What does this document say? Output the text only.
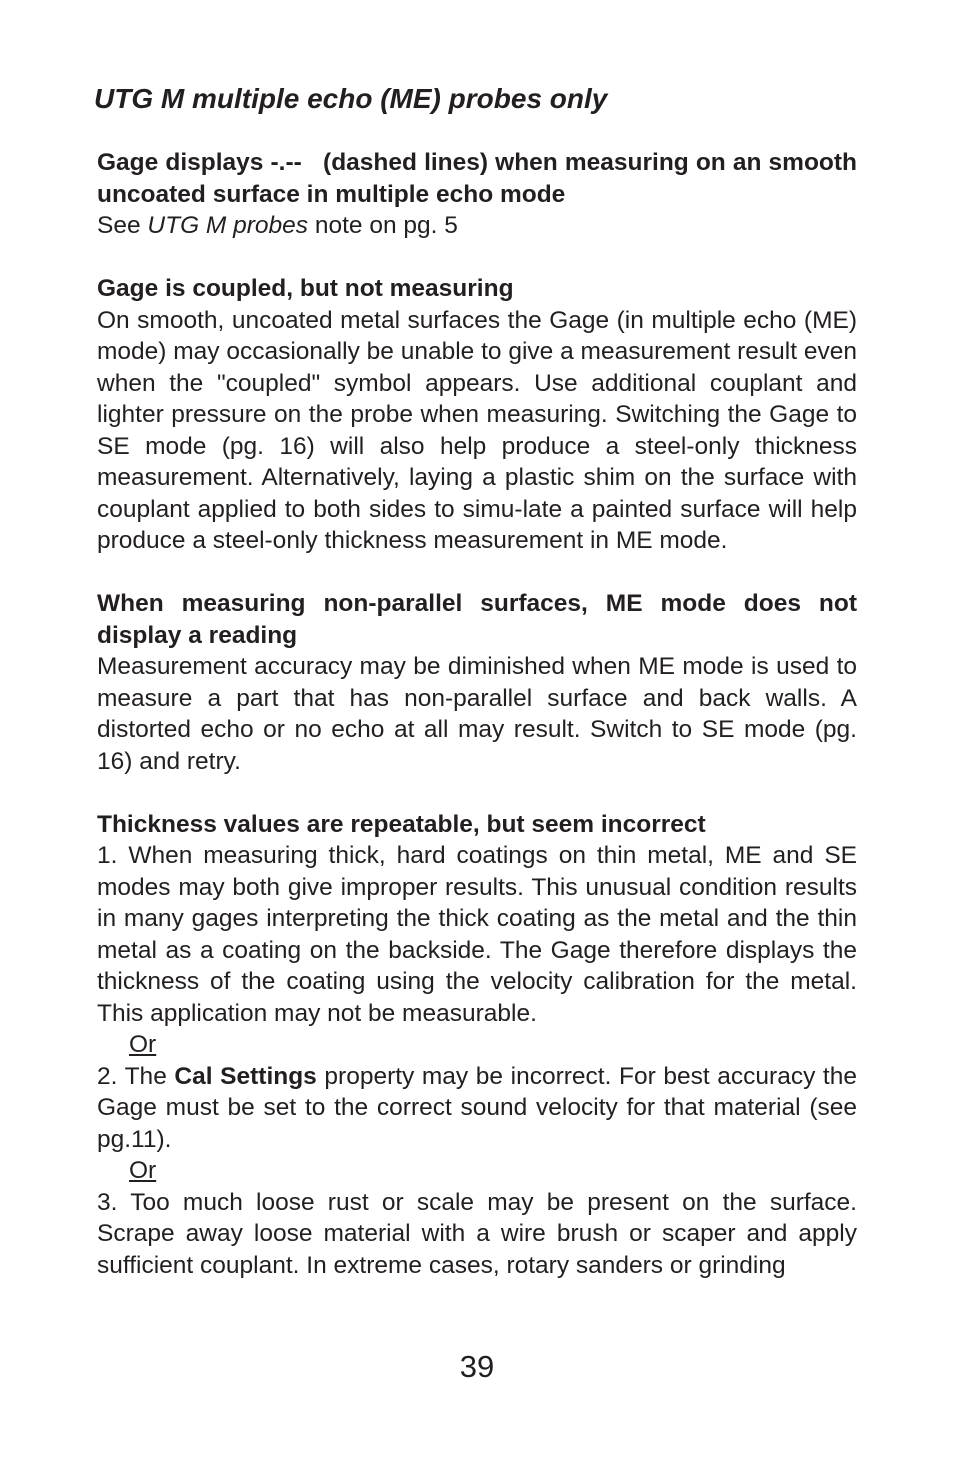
UTG M multiple echo (ME) probes only

Gage displays -.-- (dashed lines) when measuring on an smooth uncoated surface in multiple echo mode

See UTG M probes note on pg. 5

Gage is coupled, but not measuring

On smooth, uncoated metal surfaces the Gage (in multiple echo (ME) mode) may occasionally be unable to give a measurement result even when the "coupled" symbol appears. Use additional couplant and lighter pressure on the probe when measuring. Switching the Gage to SE mode (pg. 16) will also help produce a steel-only thickness measurement. Alternatively, laying a plastic shim on the surface with couplant applied to both sides to simu-late a painted surface will help produce a steel-only thickness measurement in ME mode.

When measuring non-parallel surfaces, ME mode does not display a reading

Measurement accuracy may be diminished when ME mode is used to measure a part that has non-parallel surface and back walls. A distorted echo or no echo at all may result. Switch to SE mode (pg. 16) and retry.

Thickness values are repeatable, but seem incorrect

1. When measuring thick, hard coatings on thin metal, ME and SE modes may both give improper results. This unusual condition results in many gages interpreting the thick coating as the metal and the thin metal as a coating on the backside. The Gage therefore displays the thickness of the coating using the velocity calibration for the metal. This application may not be measurable.

Or

2. The Cal Settings property may be incorrect. For best accuracy the Gage must be set to the correct sound velocity for that material (see pg.11).

Or

3. Too much loose rust or scale may be present on the surface. Scrape away loose material with a wire brush or scaper and apply sufficient couplant. In extreme cases, rotary sanders or grinding

39
